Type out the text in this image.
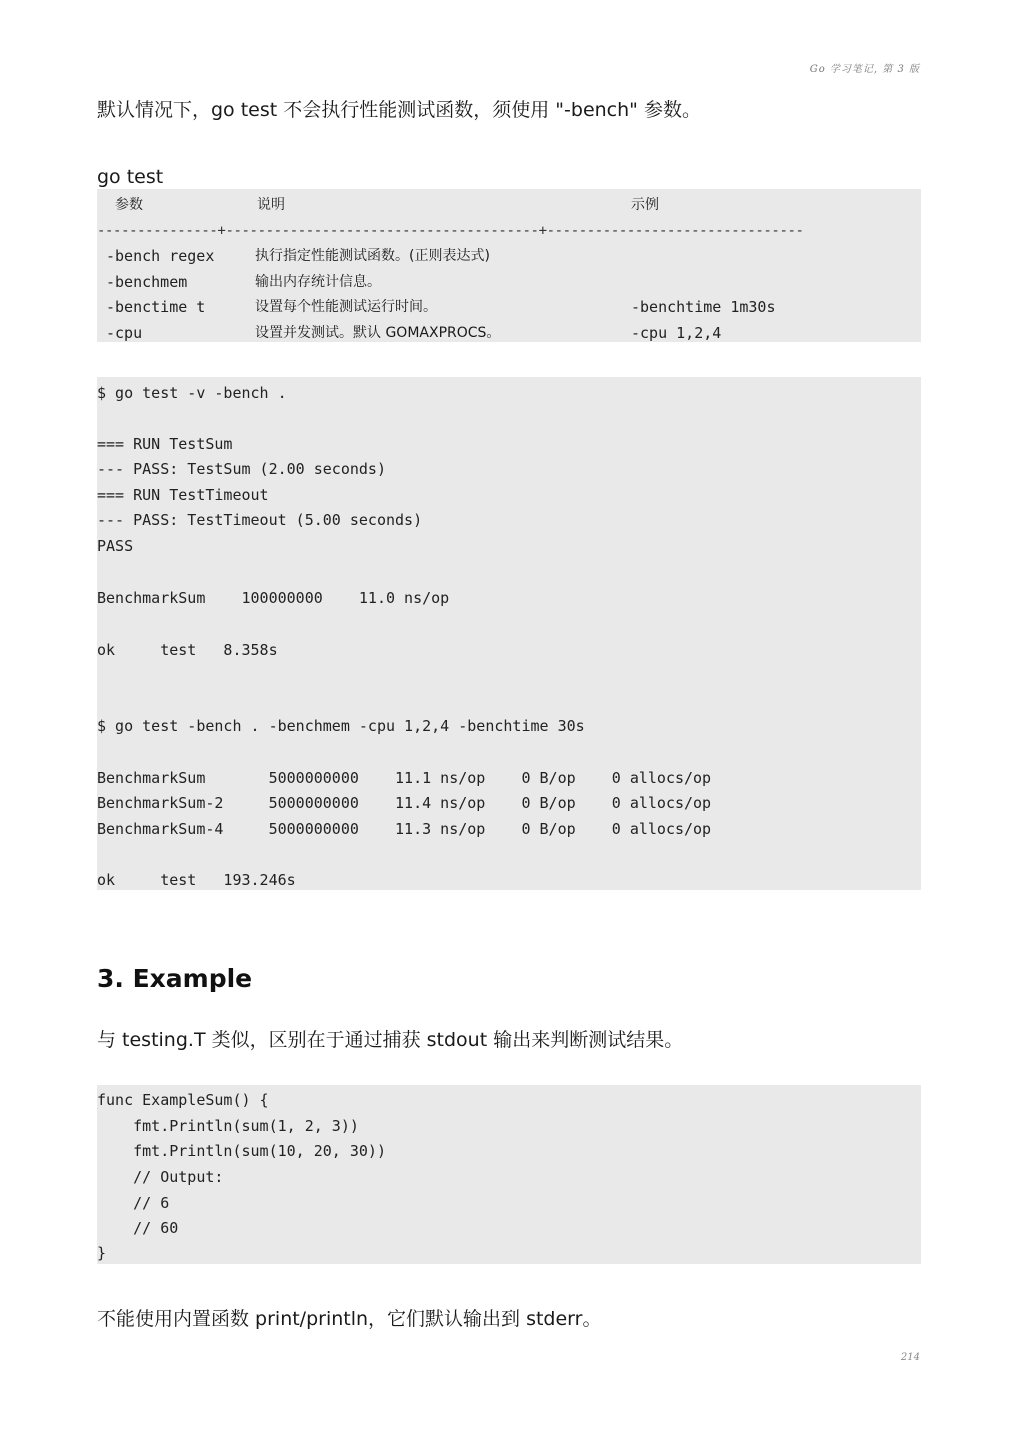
Go 学习笔记, 第 3 版
默认情况下，go test 不会执行性能测试函数，须使用 "-bench" 参数。
go test
参数	说明	示例
---------------+---------------------------------------+--------------------------------
-bench regex	执行指定性能测试函数。(正则表达式)
-benchmem	输出内存统计信息。
-benctime t	设置每个性能测试运行时间。	-benchtime 1m30s
-cpu	设置并发测试。默认 GOMAXPROCS。	-cpu 1,2,4
$ go test -v -bench .
=== RUN TestSum
--- PASS: TestSum (2.00 seconds)
=== RUN TestTimeout
--- PASS: TestTimeout (5.00 seconds)
PASS
BenchmarkSum    100000000    11.0 ns/op
ok     test   8.358s
$ go test -bench . -benchmem -cpu 1,2,4 -benchtime 30s
BenchmarkSum       5000000000    11.1 ns/op    0 B/op    0 allocs/op
BenchmarkSum-2     5000000000    11.4 ns/op    0 B/op    0 allocs/op
BenchmarkSum-4     5000000000    11.3 ns/op    0 B/op    0 allocs/op
ok     test   193.246s
3. Example
与 testing.T 类似，区别在于通过捕获 stdout 输出来判断测试结果。
func ExampleSum() {
fmt.Println(sum(1, 2, 3))
fmt.Println(sum(10, 20, 30))
// Output:
// 6
// 60
}
不能使用内置函数 print/println，它们默认输出到 stderr。
214
